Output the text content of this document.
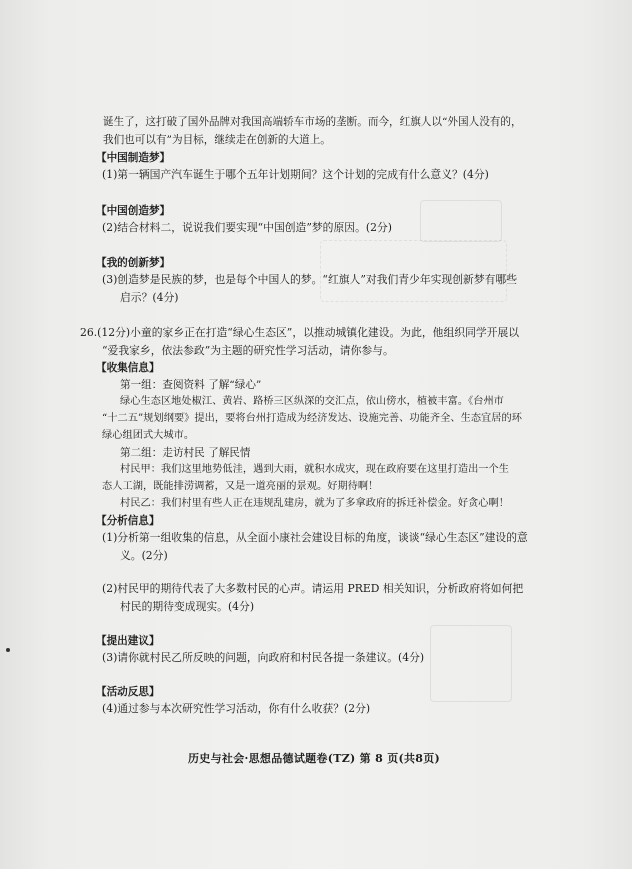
诞生了，这打破了国外品牌对我国高端轿车市场的垄断。而今，红旗人以“外国人没有的，
我们也可以有”为目标，继续走在创新的大道上。
【中国制造梦】
(1)第一辆国产汽车诞生于哪个五年计划期间？这个计划的完成有什么意义？(4分)
【中国创造梦】
(2)结合材料二，说说我们要实现“中国创造”梦的原因。(2分)
【我的创新梦】
(3)创造梦是民族的梦，也是每个中国人的梦。“红旗人”对我们青少年实现创新梦有哪些
启示？(4分)
26.(12分)小童的家乡正在打造“绿心生态区”，以推动城镇化建设。为此，他组织同学开展以
“爱我家乡，依法参政”为主题的研究性学习活动，请你参与。
【收集信息】
第一组：查阅资料 了解“绿心”
绿心生态区地处椒江、黄岩、路桥三区纵深的交汇点，依山傍水，植被丰富。《台州市
“十二五”规划纲要》提出，要将台州打造成为经济发达、设施完善、功能齐全、生态宜居的环
绿心组团式大城市。
第二组：走访村民 了解民情
村民甲：我们这里地势低洼，遇到大雨，就积水成灾，现在政府要在这里打造出一个生
态人工湖，既能排涝调蓄，又是一道亮丽的景观。好期待啊！
村民乙：我们村里有些人正在违规乱建房，就为了多拿政府的拆迁补偿金。好贪心啊！
【分析信息】
(1)分析第一组收集的信息，从全面小康社会建设目标的角度，谈谈“绿心生态区”建设的意
义。(2分)
(2)村民甲的期待代表了大多数村民的心声。请运用 PRED 相关知识，分析政府将如何把
村民的期待变成现实。(4分)
【提出建议】
(3)请你就村民乙所反映的问题，向政府和村民各提一条建议。(4分)
【活动反思】
(4)通过参与本次研究性学习活动，你有什么收获？(2分)
历史与社会·思想品德试题卷(TZ) 第 8 页(共8页)
